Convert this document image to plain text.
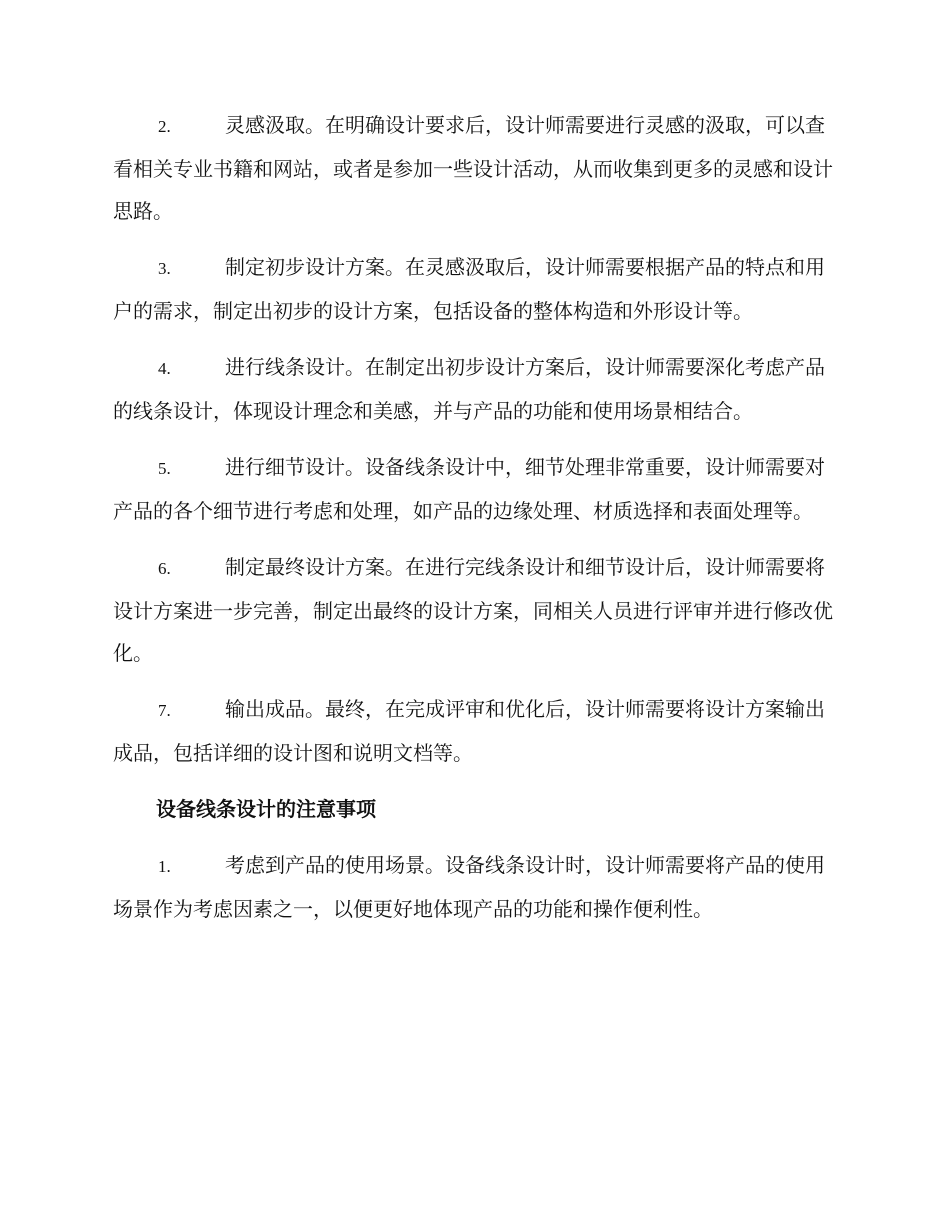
2.	灵感汲取。在明确设计要求后，设计师需要进行灵感的汲取，可以查看相关专业书籍和网站，或者是参加一些设计活动，从而收集到更多的灵感和设计思路。

3.	制定初步设计方案。在灵感汲取后，设计师需要根据产品的特点和用户的需求，制定出初步的设计方案，包括设备的整体构造和外形设计等。

4.	进行线条设计。在制定出初步设计方案后，设计师需要深化考虑产品的线条设计，体现设计理念和美感，并与产品的功能和使用场景相结合。

5.	进行细节设计。设备线条设计中，细节处理非常重要，设计师需要对产品的各个细节进行考虑和处理，如产品的边缘处理、材质选择和表面处理等。

6.	制定最终设计方案。在进行完线条设计和细节设计后，设计师需要将设计方案进一步完善，制定出最终的设计方案，同相关人员进行评审并进行修改优化。

7.	输出成品。最终，在完成评审和优化后，设计师需要将设计方案输出成品，包括详细的设计图和说明文档等。

设备线条设计的注意事项

1.	考虑到产品的使用场景。设备线条设计时，设计师需要将产品的使用场景作为考虑因素之一，以便更好地体现产品的功能和操作便利性。
